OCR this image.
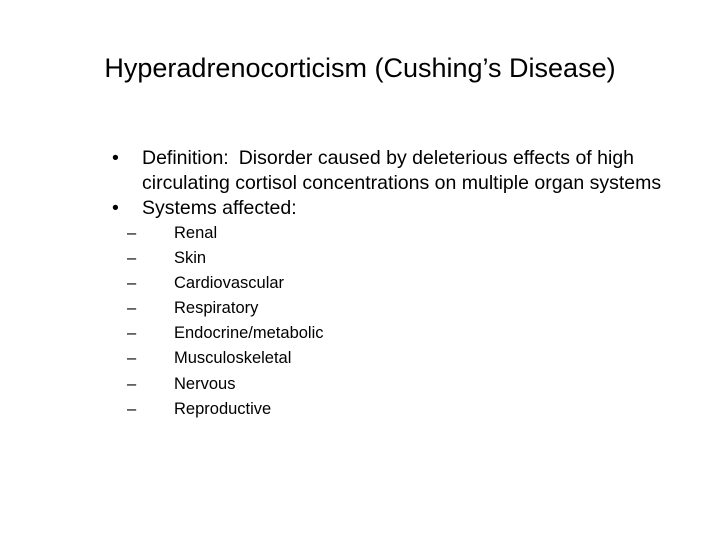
Hyperadrenocorticism (Cushing’s Disease)
•	Definition: Disorder caused by deleterious effects of high circulating cortisol concentrations on multiple organ systems
•	Systems affected:
– Renal
– Skin
– Cardiovascular
– Respiratory
– Endocrine/metabolic
– Musculoskeletal
– Nervous
– Reproductive
